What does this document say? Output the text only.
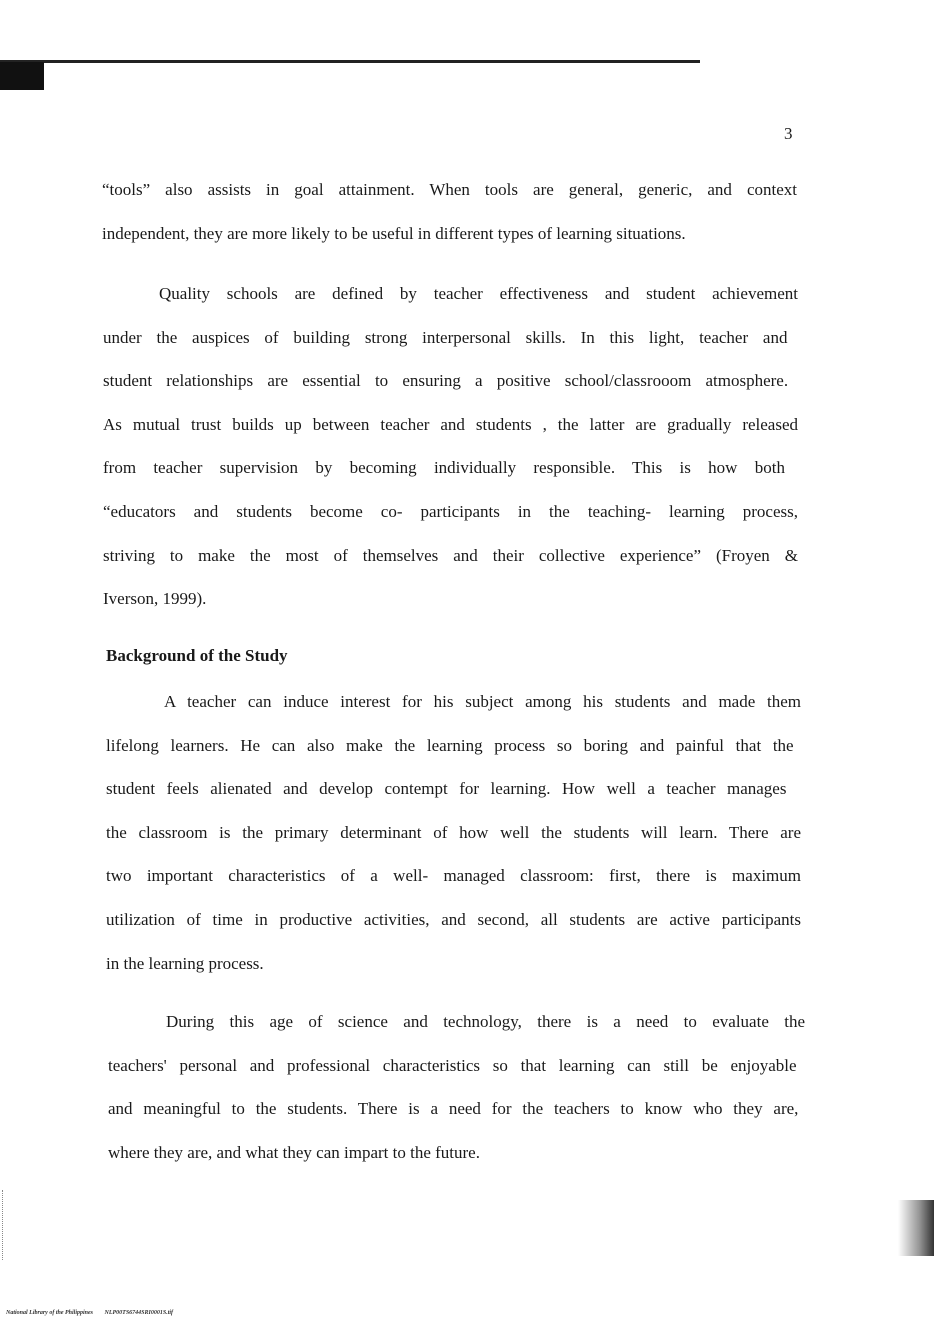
3
“tools” also assists in goal attainment. When tools are general, generic, and context
independent, they are more likely to be useful in different types of learning situations.
Quality schools are defined by teacher effectiveness and student achievement
under the auspices of building strong interpersonal skills. In this light, teacher and
student relationships are essential to ensuring a positive school/classrooom atmosphere.
As mutual trust builds up between teacher and students , the latter are gradually released
from teacher supervision by becoming individually responsible. This is how both
“educators and students become co- participants in the teaching- learning process,
striving to make the most of themselves and their collective experience” (Froyen &
Iverson, 1999).
Background of the Study
A teacher can induce interest for his subject among his students and made them
lifelong learners. He can also make the learning process so boring and painful that the
student feels alienated and develop contempt for learning. How well a teacher manages
the classroom is the primary determinant of how well the students will learn. There are
two important characteristics of a well- managed classroom: first, there is maximum
utilization of time in productive activities, and second, all students are active participants
in the learning process.
During this age of science and technology, there is a need to evaluate the
teachers' personal and professional characteristics so that learning can still be enjoyable
and meaningful to the students. There is a need for the teachers to know who they are,
where they are, and what they can impart to the future.
National Library of the Philippines NLP00TS6744SRI0001S.tif
